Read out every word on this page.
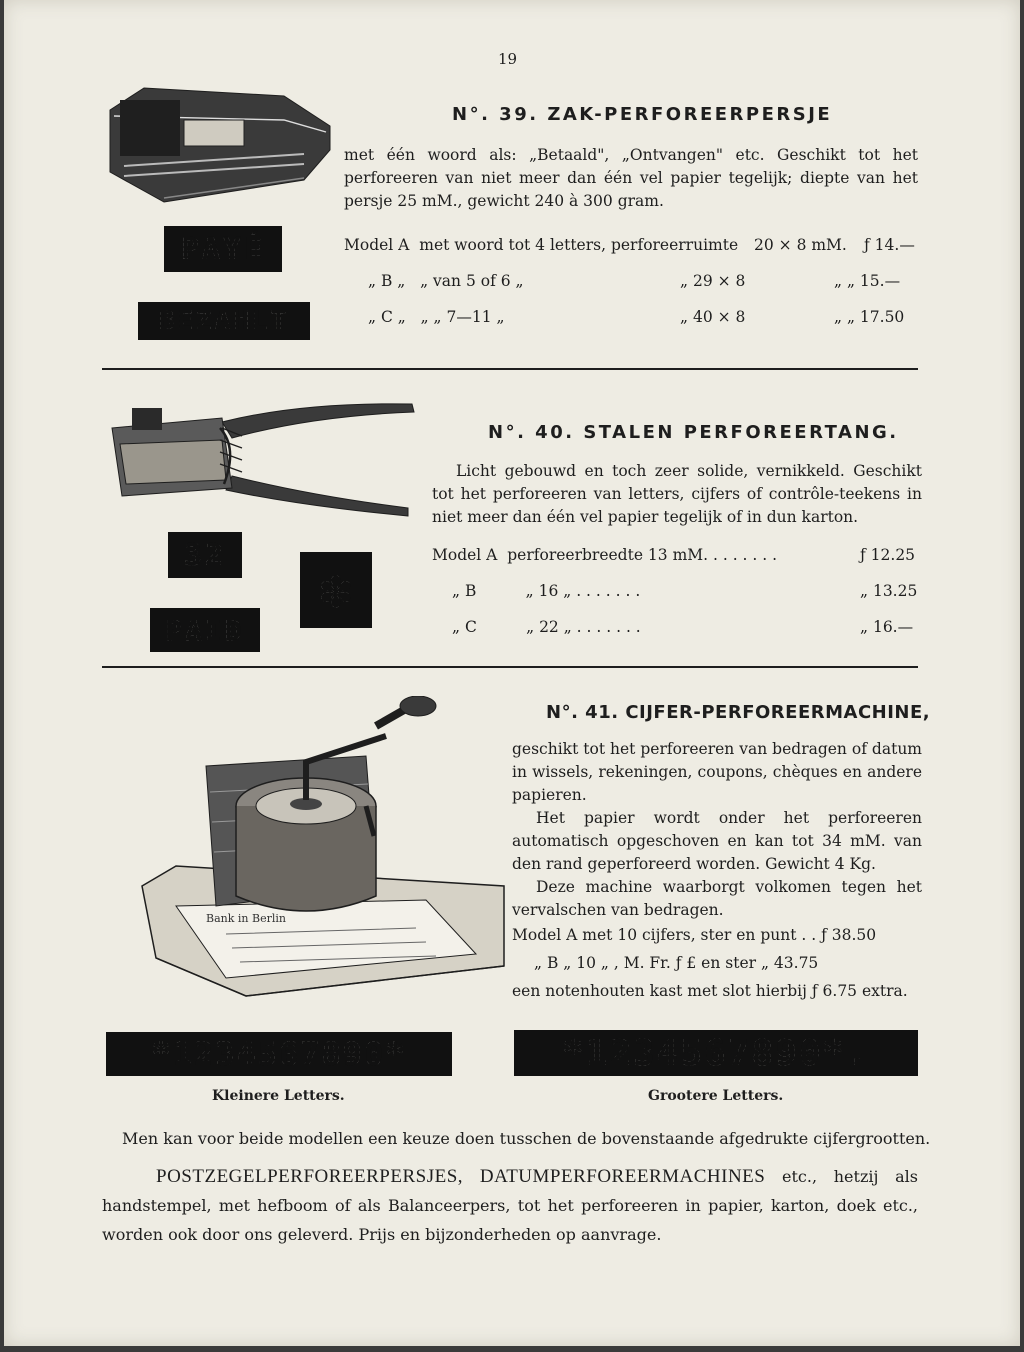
19
PAYÉ
BEZAHLT
N°. 39. ZAK-PERFOREERPERSJE
met één woord als: „Betaald", „Ontvangen" etc. Geschikt tot het perforeeren van niet meer dan één vel papier tegelijk; diepte van het persje 25 mM., gewicht 240 à 300 gram.
Model A met woord tot 4 letters, perforeerruimte 20 × 8 mM. ƒ 14.—
„ B „ „ van 5 of 6 „	„ 29 × 8	„ „ 15.—
„ C „ „ „ 7—11 „	„ 40 × 8	„ „ 17.50
32
PAID
✽
N°. 40. STALEN PERFOREERTANG.
Licht gebouwd en toch zeer solide, vernikkeld. Geschikt tot het perforeeren van letters, cijfers of contrôle-teekens in niet meer dan één vel papier tegelijk of in dun karton.
Model A perforeerbreedte 13 mM. . . . . . . .	ƒ 12.25
„ B	„ 16 „ . . . . . . .	„ 13.25
„ C	„ 22 „ . . . . . . .	„ 16.—
Bank in Berlin
N°. 41. CIJFER-PERFOREERMACHINE,

geschikt tot het perforeeren van bedragen of datum in wissels, rekeningen, coupons, chèques en andere papieren.

Het papier wordt onder het perforeeren automatisch opgeschoven en kan tot 34 mM. van den rand geperforeerd worden. Gewicht 4 Kg.

Deze machine waarborgt volkomen tegen het vervalschen van bedragen.

Model A met 10 cijfers, ster en punt . . ƒ 38.50
„ B „ 10 „ , M. Fr. ƒ £ en ster „ 43.75
een notenhouten kast met slot hierbij ƒ 6.75 extra.
*1234567890*
Kleinere Letters.
*1234567890*.
Grootere Letters.
Men kan voor beide modellen een keuze doen tusschen de bovenstaande afgedrukte cijfergrootten.
POSTZEGELPERFOREERPERSJES, DATUMPERFOREERMACHINES etc., hetzij als handstempel, met hefboom of als Balanceerpers, tot het perforeeren in papier, karton, doek etc., worden ook door ons geleverd. Prijs en bijzonderheden op aanvrage.
